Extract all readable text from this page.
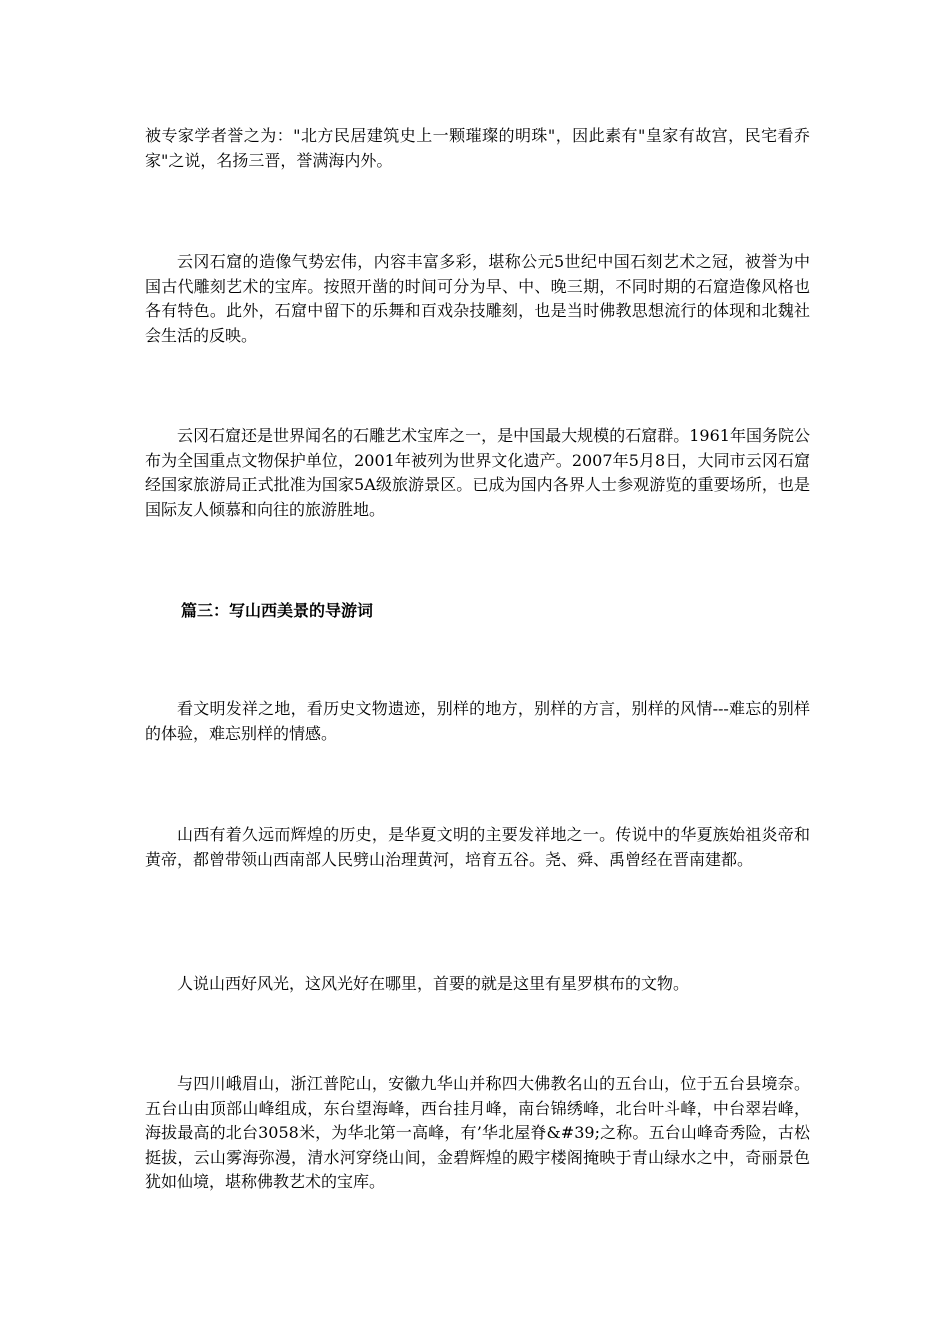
被专家学者誉之为："北方民居建筑史上一颗璀璨的明珠"，因此素有"皇家有故宫，民宅看乔家"之说，名扬三晋，誉满海内外。

云冈石窟的造像气势宏伟，内容丰富多彩，堪称公元5世纪中国石刻艺术之冠，被誉为中国古代雕刻艺术的宝库。按照开凿的时间可分为早、中、晚三期，不同时期的石窟造像风格也各有特色。此外，石窟中留下的乐舞和百戏杂技雕刻，也是当时佛教思想流行的体现和北魏社会生活的反映。

云冈石窟还是世界闻名的石雕艺术宝库之一，是中国最大规模的石窟群。1961年国务院公布为全国重点文物保护单位，2001年被列为世界文化遗产。2007年5月8日，大同市云冈石窟经国家旅游局正式批准为国家5A级旅游景区。已成为国内各界人士参观游览的重要场所，也是国际友人倾慕和向往的旅游胜地。

篇三：写山西美景的导游词

看文明发祥之地，看历史文物遗迹，别样的地方，别样的方言，别样的风情---难忘的别样的体验，难忘别样的情感。

山西有着久远而辉煌的历史，是华夏文明的主要发祥地之一。传说中的华夏族始祖炎帝和黄帝，都曾带领山西南部人民劈山治理黄河，培育五谷。尧、舜、禹曾经在晋南建都。

人说山西好风光，这风光好在哪里，首要的就是这里有星罗棋布的文物。

与四川峨眉山，浙江普陀山，安徽九华山并称四大佛教名山的五台山，位于五台县境奈。五台山由顶部山峰组成，东台望海峰，西台挂月峰，南台锦绣峰，北台叶斗峰，中台翠岩峰，海拔最高的北台3058米，为华北第一高峰，有’华北屋脊&#39;之称。五台山峰奇秀险，古松挺拔，云山雾海弥漫，清水河穿绕山间，金碧辉煌的殿宇楼阁掩映于青山绿水之中，奇丽景色犹如仙境，堪称佛教艺术的宝库。
